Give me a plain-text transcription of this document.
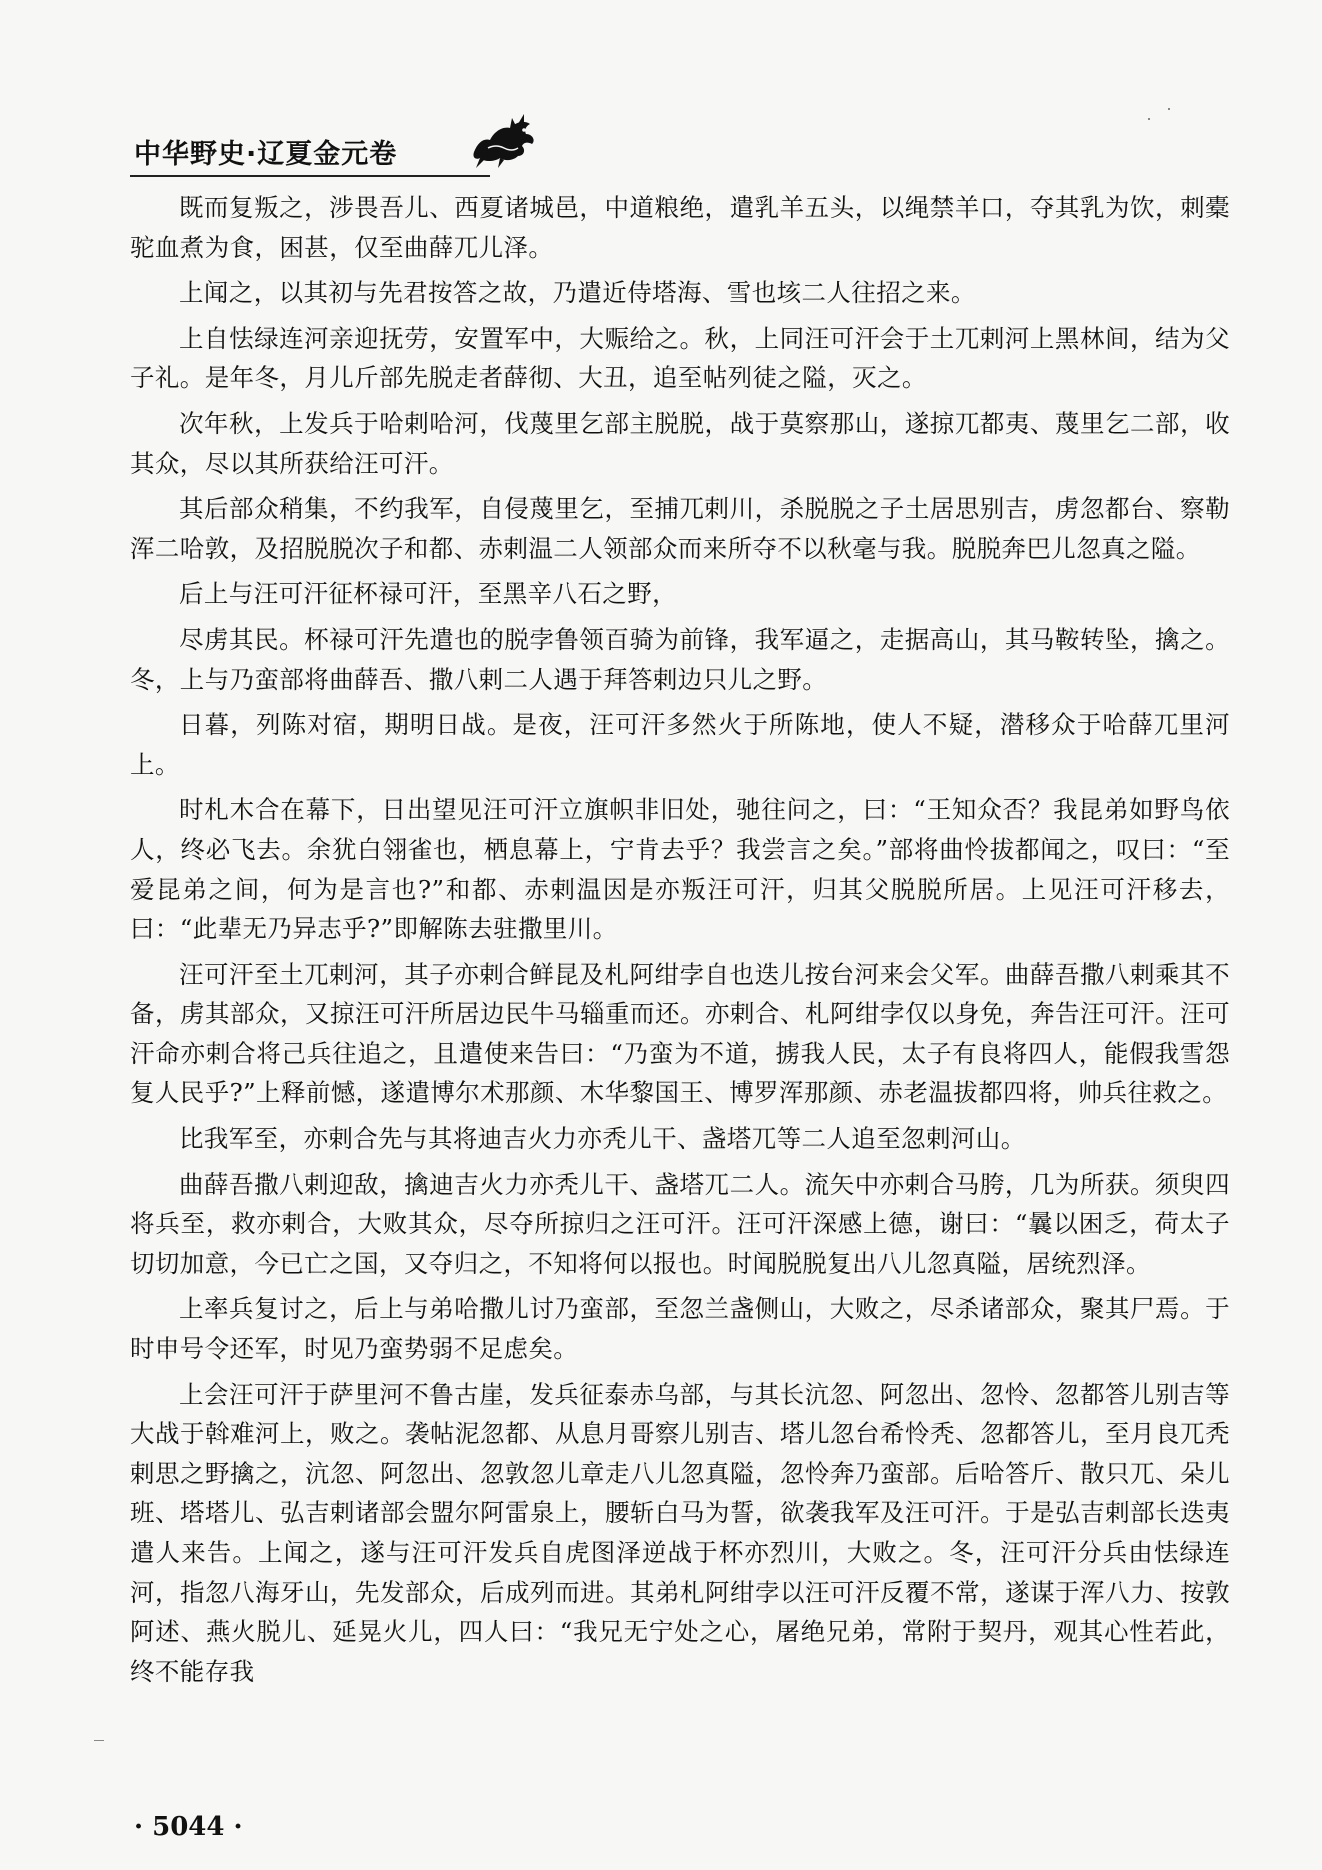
中华野史·辽夏金元卷

既而复叛之，涉畏吾儿、西夏诸城邑，中道粮绝，遣乳羊五头，以绳禁羊口，夺其乳为饮，刺橐驼血煮为食，困甚，仅至曲薛兀儿泽。

上闻之，以其初与先君按答之故，乃遣近侍塔海、雪也垓二人往招之来。

上自怯绿连河亲迎抚劳，安置军中，大赈给之。秋，上同汪可汗会于土兀剌河上黑林间，结为父子礼。是年冬，月儿斤部先脱走者薛彻、大丑，追至帖列徒之隘，灭之。

次年秋，上发兵于哈剌哈河，伐蔑里乞部主脱脱，战于莫察那山，遂掠兀都夷、蔑里乞二部，收其众，尽以其所获给汪可汗。

其后部众稍集，不约我军，自侵蔑里乞，至捕兀剌川，杀脱脱之子土居思别吉，虏忽都台、察勒浑二哈敦，及招脱脱次子和都、赤剌温二人领部众而来所夺不以秋毫与我。脱脱奔巴儿忽真之隘。

后上与汪可汗征杯禄可汗，至黑辛八石之野，

尽虏其民。杯禄可汗先遣也的脱孛鲁领百骑为前锋，我军逼之，走据高山，其马鞍转坠，擒之。冬，上与乃蛮部将曲薛吾、撒八剌二人遇于拜答剌边只儿之野。

日暮，列陈对宿，期明日战。是夜，汪可汗多然火于所陈地，使人不疑，潜移众于哈薛兀里河上。

时札木合在幕下，日出望见汪可汗立旗帜非旧处，驰往问之，曰：“王知众否？我昆弟如野鸟依人，终必飞去。余犹白翎雀也，栖息幕上，宁肯去乎？我尝言之矣。”部将曲怜拔都闻之，叹曰：“至爱昆弟之间，何为是言也?”和都、赤剌温因是亦叛汪可汗，归其父脱脱所居。上见汪可汗移去，曰：“此辈无乃异志乎?”即解陈去驻撒里川。

汪可汗至土兀剌河，其子亦剌合鲜昆及札阿绀孛自也迭儿按台河来会父军。曲薛吾撒八剌乘其不备，虏其部众，又掠汪可汗所居边民牛马辎重而还。亦剌合、札阿绀孛仅以身免，奔告汪可汗。汪可汗命亦剌合将己兵往追之，且遣使来告曰：“乃蛮为不道，掳我人民，太子有良将四人，能假我雪怨复人民乎?”上释前憾，遂遣博尔术那颜、木华黎国王、博罗浑那颜、赤老温拔都四将，帅兵往救之。

比我军至，亦剌合先与其将迪吉火力亦秃儿干、盏塔兀等二人追至忽剌河山。

曲薛吾撒八剌迎敌，擒迪吉火力亦秃儿干、盏塔兀二人。流矢中亦剌合马胯，几为所获。须臾四将兵至，救亦剌合，大败其众，尽夺所掠归之汪可汗。汪可汗深感上德，谢曰：“曩以困乏，荷太子切切加意，今已亡之国，又夺归之，不知将何以报也。时闻脱脱复出八儿忽真隘，居统烈泽。

上率兵复讨之，后上与弟哈撒儿讨乃蛮部，至忽兰盏侧山，大败之，尽杀诸部众，聚其尸焉。于时申号令还军，时见乃蛮势弱不足虑矣。

上会汪可汗于萨里河不鲁古崖，发兵征泰赤乌部，与其长沆忽、阿忽出、忽怜、忽都答儿别吉等大战于斡难河上，败之。袭帖泥忽都、从息月哥察儿别吉、塔儿忽台希怜秃、忽都答儿，至月良兀秃剌思之野擒之，沆忽、阿忽出、忽敦忽儿章走八儿忽真隘，忽怜奔乃蛮部。后哈答斤、散只兀、朵儿班、塔塔儿、弘吉剌诸部会盟尔阿雷泉上，腰斩白马为誓，欲袭我军及汪可汗。于是弘吉剌部长迭夷遣人来告。上闻之，遂与汪可汗发兵自虎图泽逆战于杯亦烈川，大败之。冬，汪可汗分兵由怯绿连河，指忽八海牙山，先发部众，后成列而进。其弟札阿绀孛以汪可汗反覆不常，遂谋于浑八力、按敦阿述、燕火脱儿、延晃火儿，四人曰：“我兄无宁处之心，屠绝兄弟，常附于契丹，观其心性若此，终不能存我

· 5044 ·
